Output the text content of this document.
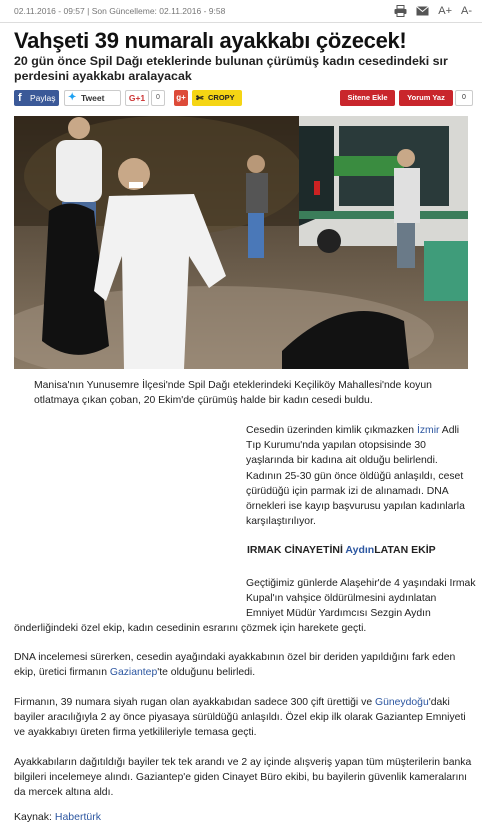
02.11.2016 - 09:57 | Son Güncelleme: 02.11.2016 - 9:58	A+ A-
Vahşeti 39 numaralı ayakkabı çözecek!

20 gün önce Spil Dağı eteklerinde bulunan çürümüş kadın cesedindeki sır perdesini ayakkabı aralayacak

f Paylaş	✦ Tweet	G+1	0	g+ ✄ CROPY	Sitene Ekle	Yorum Yaz	0

Manisa'nın Yunusemre İlçesi'nde Spil Dağı eteklerindeki Keçiliköy Mahallesi'nde koyun otlatmaya çıkan çoban, 20 Ekim'de çürümüş halde bir kadın cesedi buldu.

Cesedin üzerinden kimlik çıkmazken İzmir Adli Tıp Kurumu'nda yapılan otopsisinde 30 yaşlarında bir kadına ait olduğu belirlendi. Kadının 25-30 gün önce öldüğü anlaşıldı, ceset çürüdüğü için parmak izi de alınamadı. DNA örnekleri ise kayıp başvurusu yapılan kadınlarla karşılaştırılıyor.

IRMAK CİNAYETİNİ AydınLATAN EKİP

Geçtiğimiz günlerde Alaşehir'de 4 yaşındaki Irmak Kupal'ın vahşice öldürülmesini aydınlatan Emniyet Müdür Yardımcısı Sezgin Aydın

önderliğindeki özel ekip, kadın cesedinin esrarını çözmek için harekete geçti.

DNA incelemesi sürerken, cesedin ayağındaki ayakkabının özel bir deriden yapıldığını fark eden ekip, üretici firmanın Gaziantep'te olduğunu belirledi.

Firmanın, 39 numara siyah rugan olan ayakkabıdan sadece 300 çift ürettiği ve Güneydoğu'daki bayiler aracılığıyla 2 ay önce piyasaya sürüldüğü anlaşıldı. Özel ekip ilk olarak Gaziantep Emniyeti ve ayakkabıyı üreten firma yetkilileriyle temasa geçti.

Ayakkabıların dağıtıldığı bayiler tek tek arandı ve 2 ay içinde alışveriş yapan tüm müşterilerin banka bilgileri incelemeye alındı. Gaziantep'e giden Cinayet Büro ekibi, bu bayilerin güvenlik kameralarını da mercek altına aldı.

Kaynak: Habertürk
